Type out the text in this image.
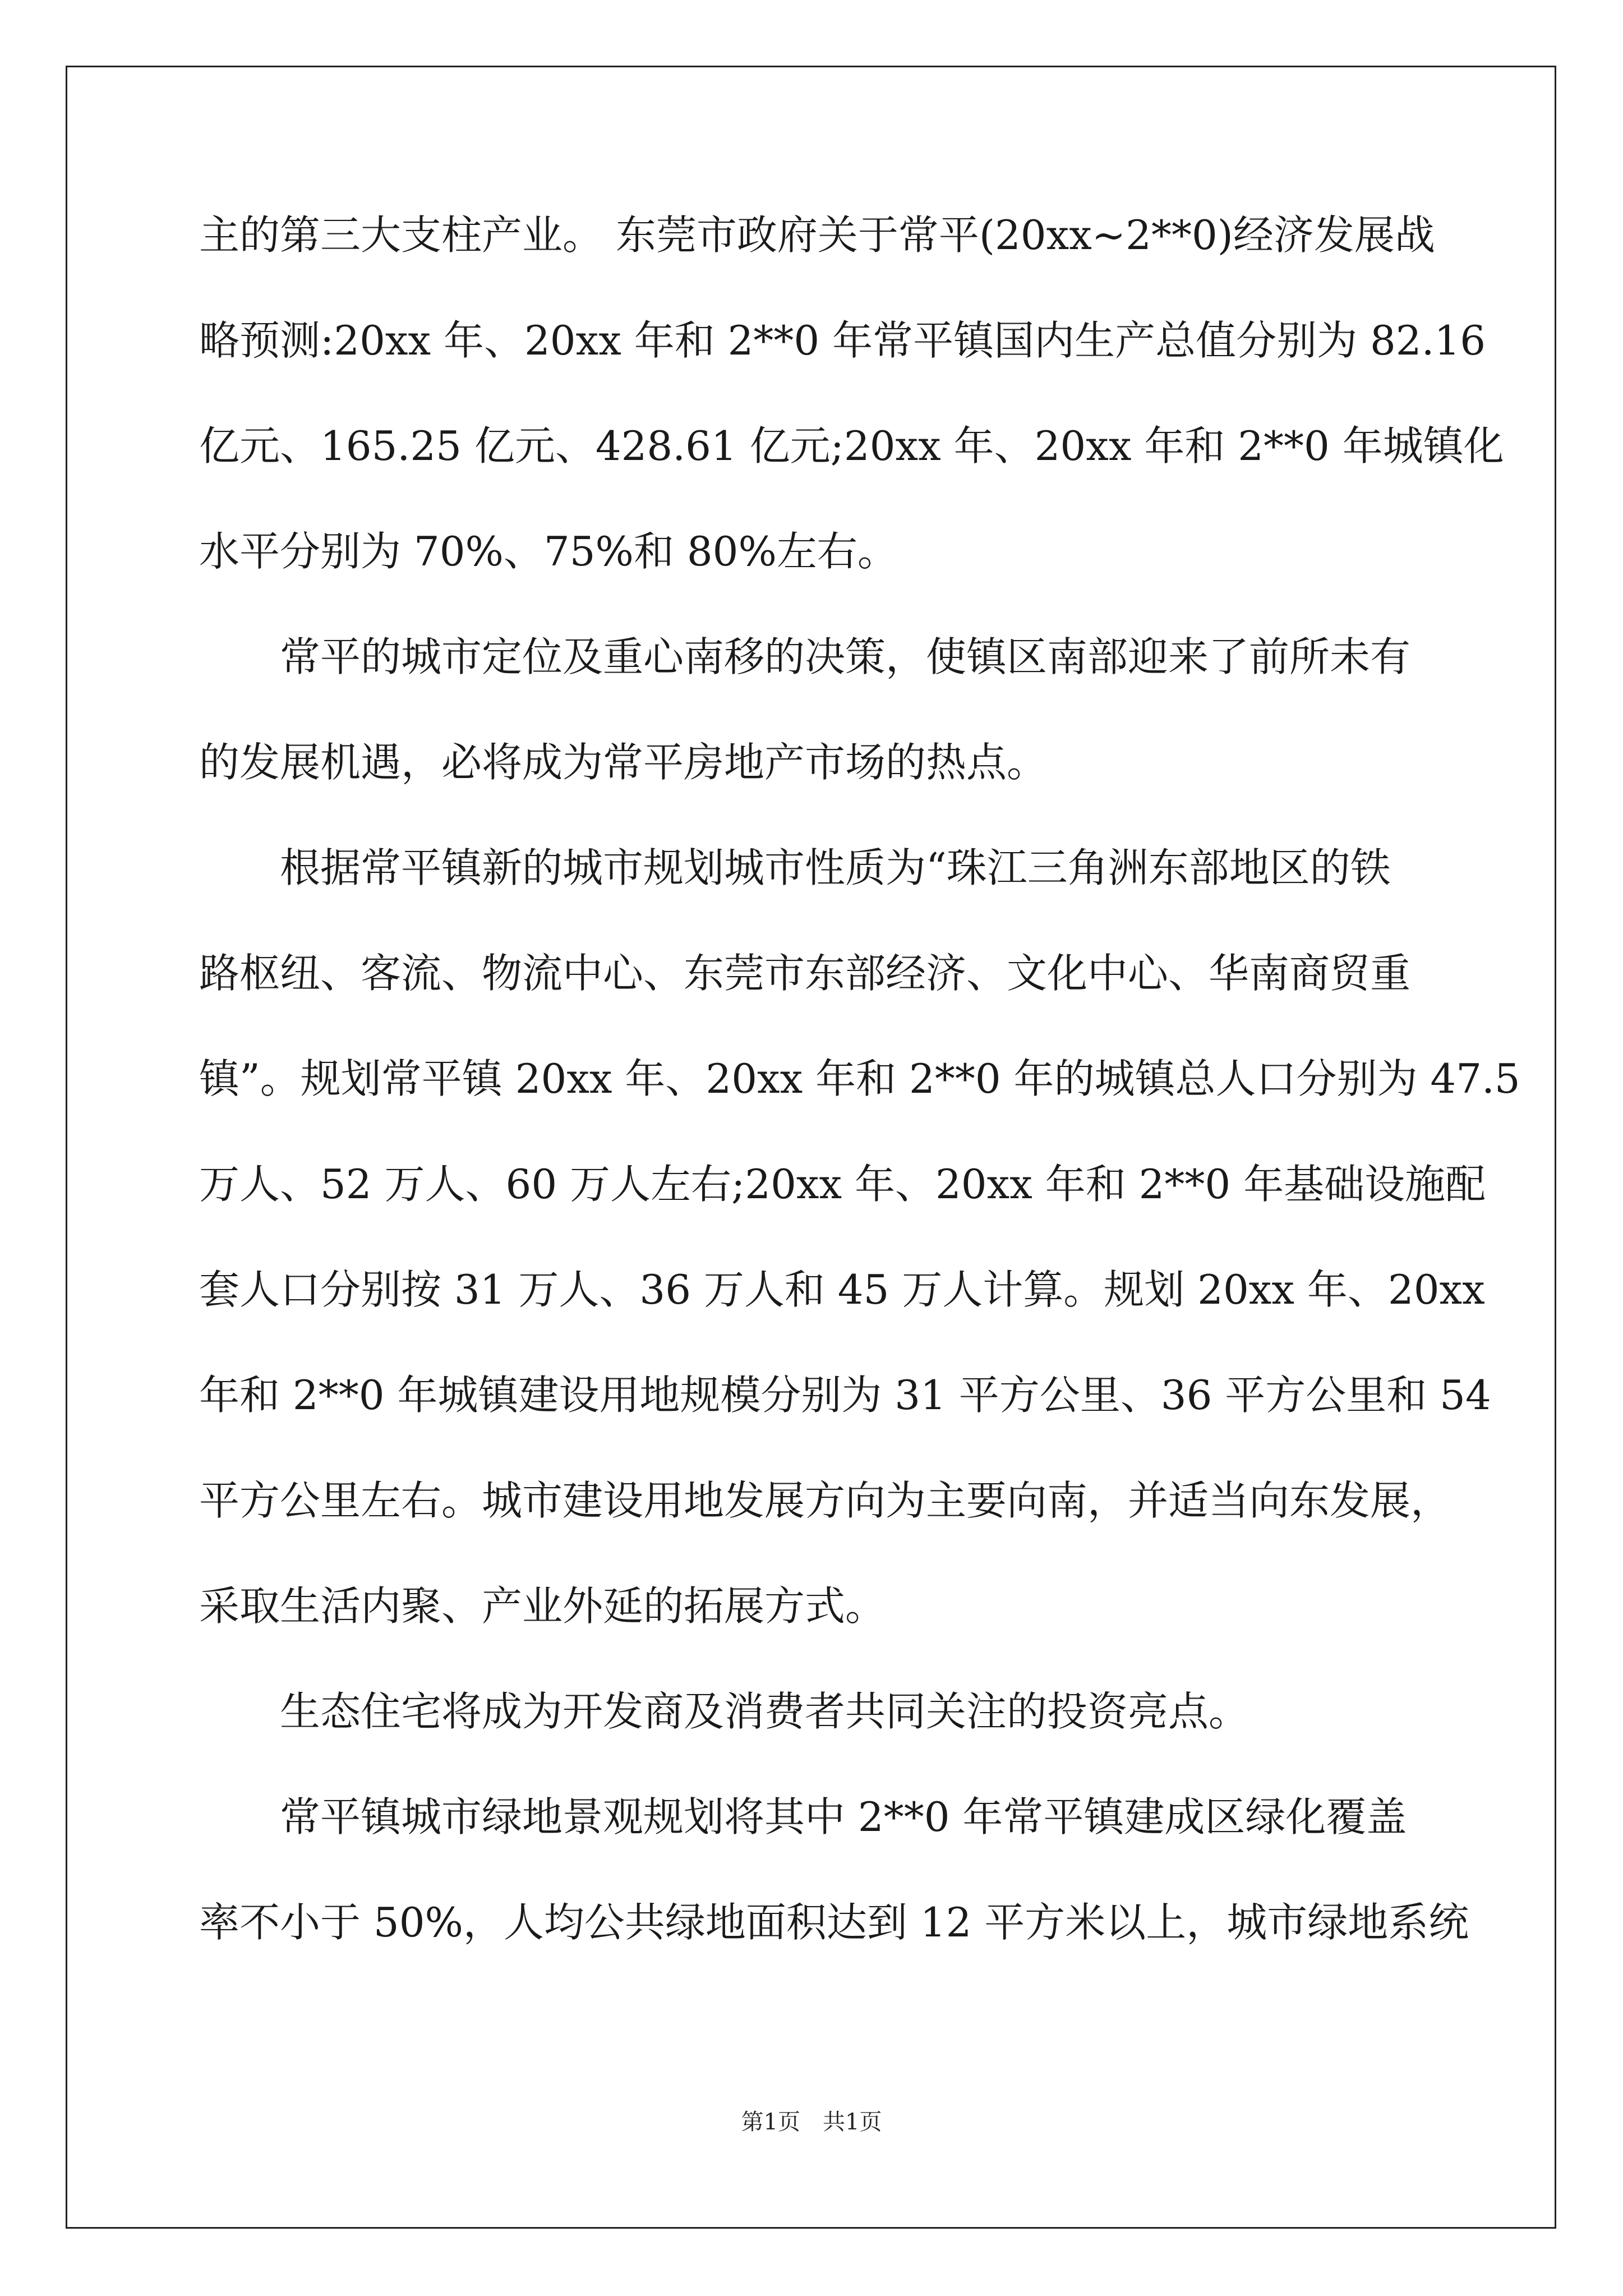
主的第三大支柱产业。 东莞市政府关于常平(20xx~2**0)经济发展战
略预测:20xx 年、20xx 年和 2**0 年常平镇国内生产总值分别为 82.16
亿元、165.25 亿元、428.61 亿元;20xx 年、20xx 年和 2**0 年城镇化
水平分别为 70%、75%和 80%左右。
常平的城市定位及重心南移的决策，使镇区南部迎来了前所未有
的发展机遇，必将成为常平房地产市场的热点。
根据常平镇新的城市规划城市性质为“珠江三角洲东部地区的铁
路枢纽、客流、物流中心、东莞市东部经济、文化中心、华南商贸重
镇”。规划常平镇 20xx 年、20xx 年和 2**0 年的城镇总人口分别为 47.5
万人、52 万人、60 万人左右;20xx 年、20xx 年和 2**0 年基础设施配
套人口分别按 31 万人、36 万人和 45 万人计算。规划 20xx 年、20xx
年和 2**0 年城镇建设用地规模分别为 31 平方公里、36 平方公里和 54
平方公里左右。城市建设用地发展方向为主要向南，并适当向东发展，
采取生活内聚、产业外延的拓展方式。
生态住宅将成为开发商及消费者共同关注的投资亮点。
常平镇城市绿地景观规划将其中 2**0 年常平镇建成区绿化覆盖
率不小于 50%，人均公共绿地面积达到 12 平方米以上，城市绿地系统
第1页　共1页
